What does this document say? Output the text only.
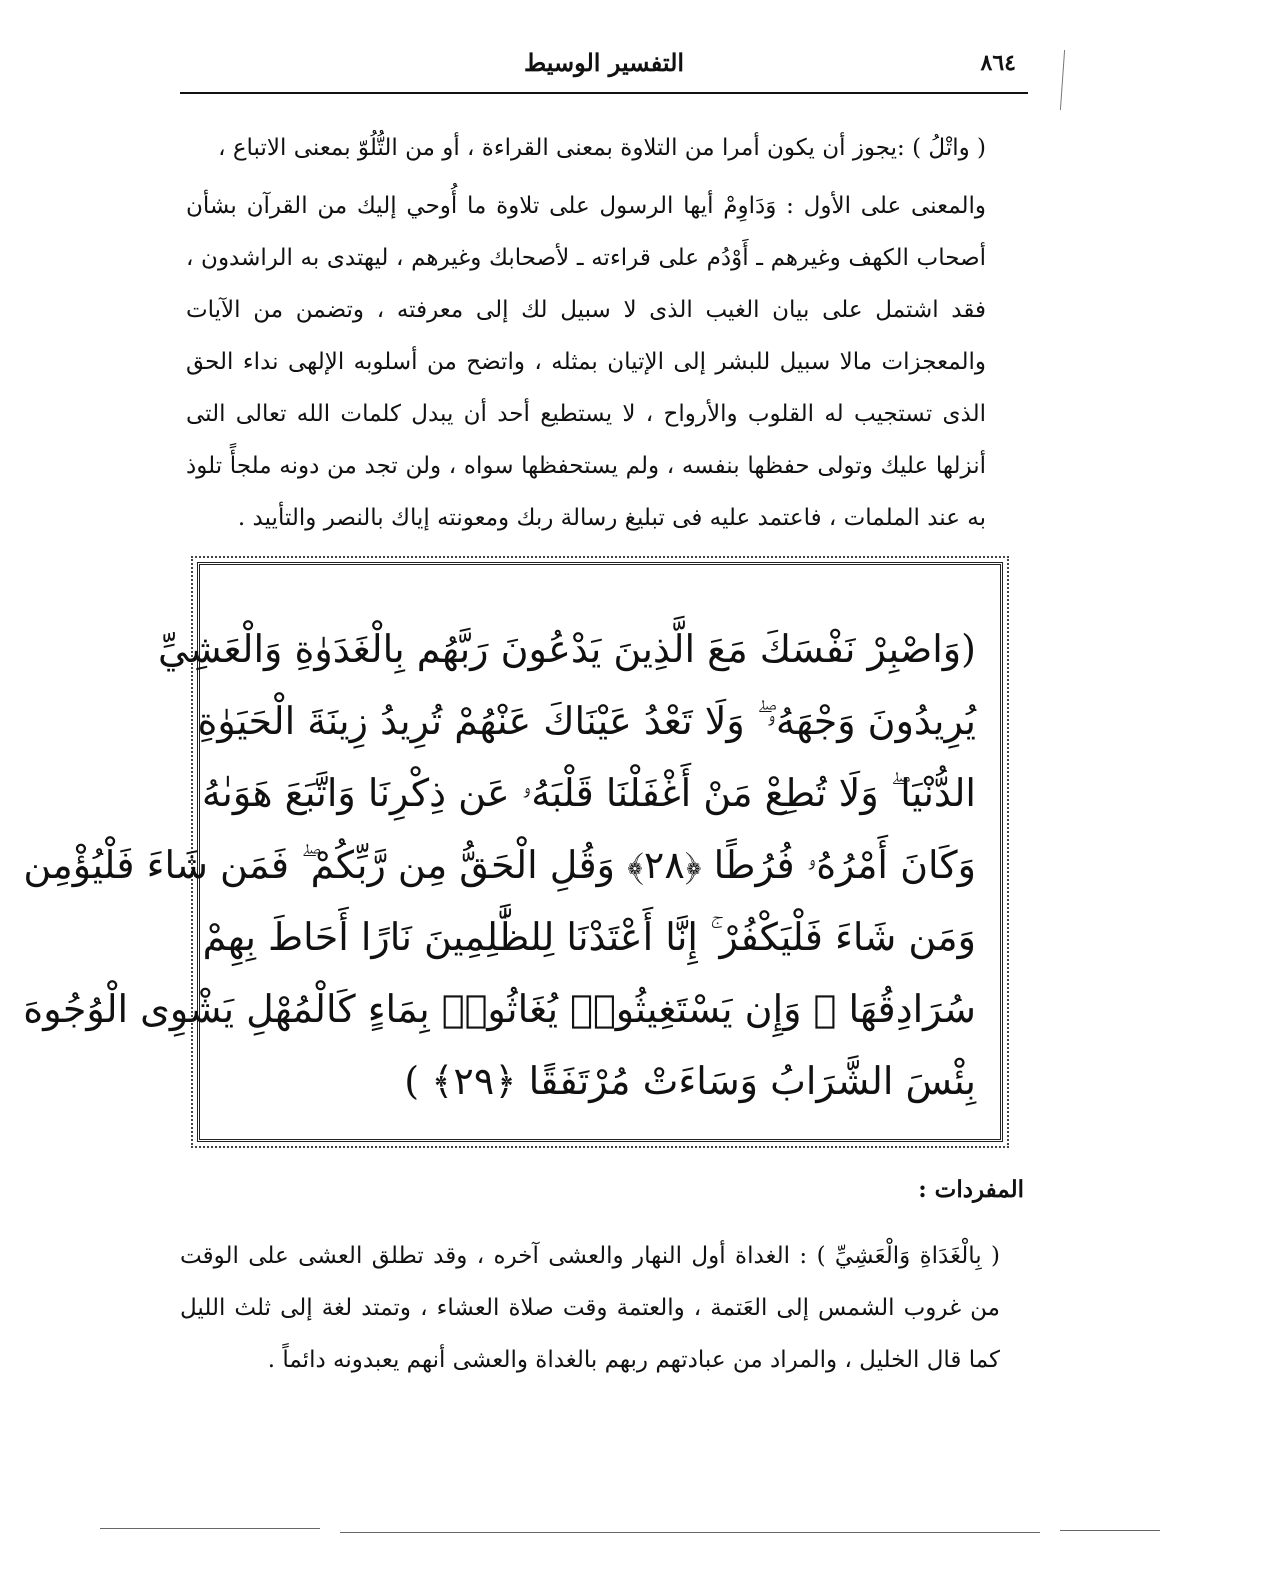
٨٦٤
التفسير الوسيط

( واتْلُ ) :يجوز أن يكون أمرا من التلاوة بمعنى القراءة ، أو من التُّلُوّ بمعنى الاتباع ،

والمعنى على الأول : وَدَاوِمْ أيها الرسول على تلاوة ما أُوحي إليك من القرآن بشأن أصحاب الكهف وغيرهم ـ أَوْدُم على قراءته ـ لأصحابك وغيرهم ، ليهتدى به الراشدون ، فقد اشتمل على بيان الغيب الذى لا سبيل لك إلى معرفته ، وتضمن من الآيات والمعجزات مالا سبيل للبشر إلى الإتيان بمثله ، واتضح من أسلوبه الإلهى نداء الحق الذى تستجيب له القلوب والأرواح ، لا يستطيع أحد أن يبدل كلمات الله تعالى التى أنزلها عليك وتولى حفظها بنفسه ، ولم يستحفظها سواه ، ولن تجد من دونه ملجأً تلوذ به عند الملمات ، فاعتمد عليه فى تبليغ رسالة ربك ومعونته إياك بالنصر والتأييد .

(وَاصْبِرْ نَفْسَكَ مَعَ الَّذِينَ يَدْعُونَ رَبَّهُم بِالْغَدَوٰةِ وَالْعَشِيِّ
يُرِيدُونَ وَجْهَهُۥ ۖ وَلَا تَعْدُ عَيْنَاكَ عَنْهُمْ تُرِيدُ زِينَةَ الْحَيَوٰةِ
الدُّنْيَا ۖ وَلَا تُطِعْ مَنْ أَغْفَلْنَا قَلْبَهُۥ عَن ذِكْرِنَا وَاتَّبَعَ هَوَىٰهُ
وَكَانَ أَمْرُهُۥ فُرُطًا ﴿٢٨﴾ وَقُلِ الْحَقُّ مِن رَّبِّكُمْ ۖ فَمَن شَاءَ فَلْيُؤْمِن
وَمَن شَاءَ فَلْيَكْفُرْ ۚ إِنَّا أَعْتَدْنَا لِلظَّٰلِمِينَ نَارًا أَحَاطَ بِهِمْ
سُرَادِقُهَا ۚ وَإِن يَسْتَغِيثُوا۟ يُغَاثُوا۟ بِمَاءٍ كَالْمُهْلِ يَشْوِى الْوُجُوهَ
بِئْسَ الشَّرَابُ وَسَاءَتْ مُرْتَفَقًا ﴿٢٩﴾ )
المفردات :

( بِالْغَدَاةِ وَالْعَشِيِّ ) : الغداة أول النهار والعشى آخره ، وقد تطلق العشى على الوقت من غروب الشمس إلى العَتمة ، والعتمة وقت صلاة العشاء ، وتمتد لغة إلى ثلث الليل كما قال الخليل ، والمراد من عبادتهم ربهم بالغداة والعشى أنهم يعبدونه دائماً .
